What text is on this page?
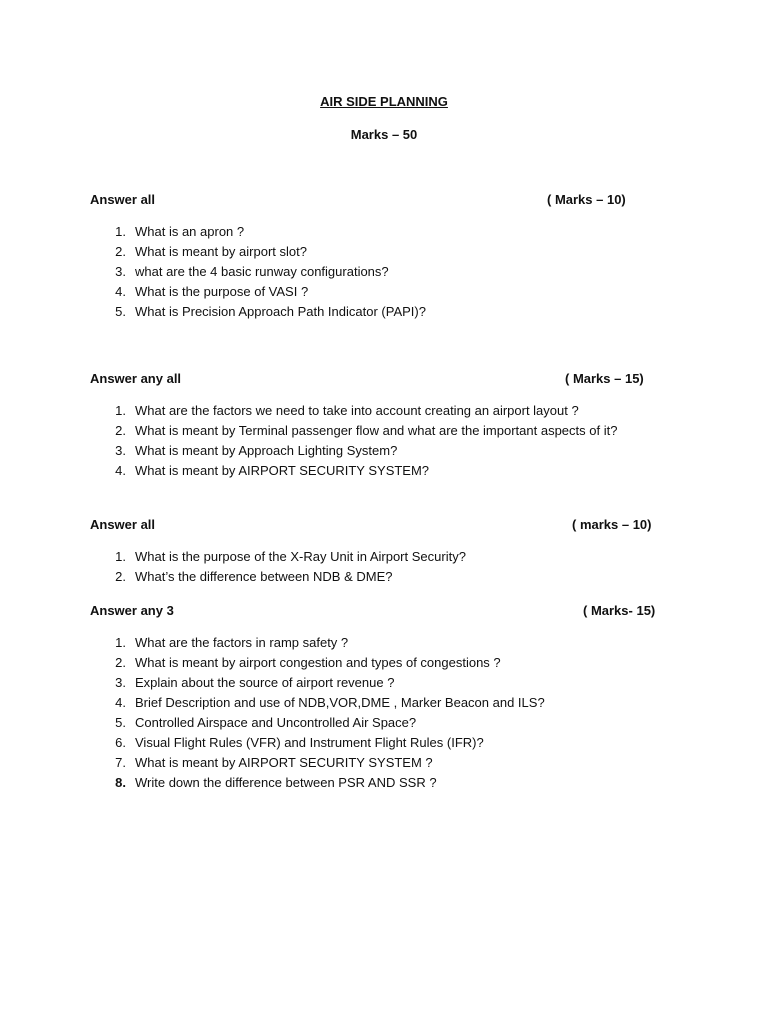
AIR SIDE PLANNING
Marks – 50
Answer all	( Marks – 10)
1. What is an apron ?
2. What is meant by airport slot?
3. what are the 4 basic runway configurations?
4. What is the purpose of VASI ?
5. What is Precision Approach Path Indicator (PAPI)?
Answer any all	( Marks – 15)
1. What are the factors we need to take into account creating an airport layout ?
2. What is meant by Terminal passenger flow and what are the important aspects of it?
3. What is meant by Approach Lighting System?
4. What is meant by AIRPORT SECURITY SYSTEM?
Answer all	( marks – 10)
1. What is the purpose of the X-Ray Unit in Airport Security?
2. What’s the difference between NDB & DME?
Answer any 3	( Marks- 15)
1. What are the factors in ramp safety ?
2. What is meant by airport congestion and types of congestions ?
3. Explain about the source of airport revenue ?
4. Brief Description and use of NDB,VOR,DME , Marker Beacon and ILS?
5. Controlled Airspace and Uncontrolled Air Space?
6. Visual Flight Rules (VFR) and Instrument Flight Rules (IFR)?
7. What is meant by AIRPORT SECURITY SYSTEM ?
8. Write down the difference between PSR AND SSR ?
